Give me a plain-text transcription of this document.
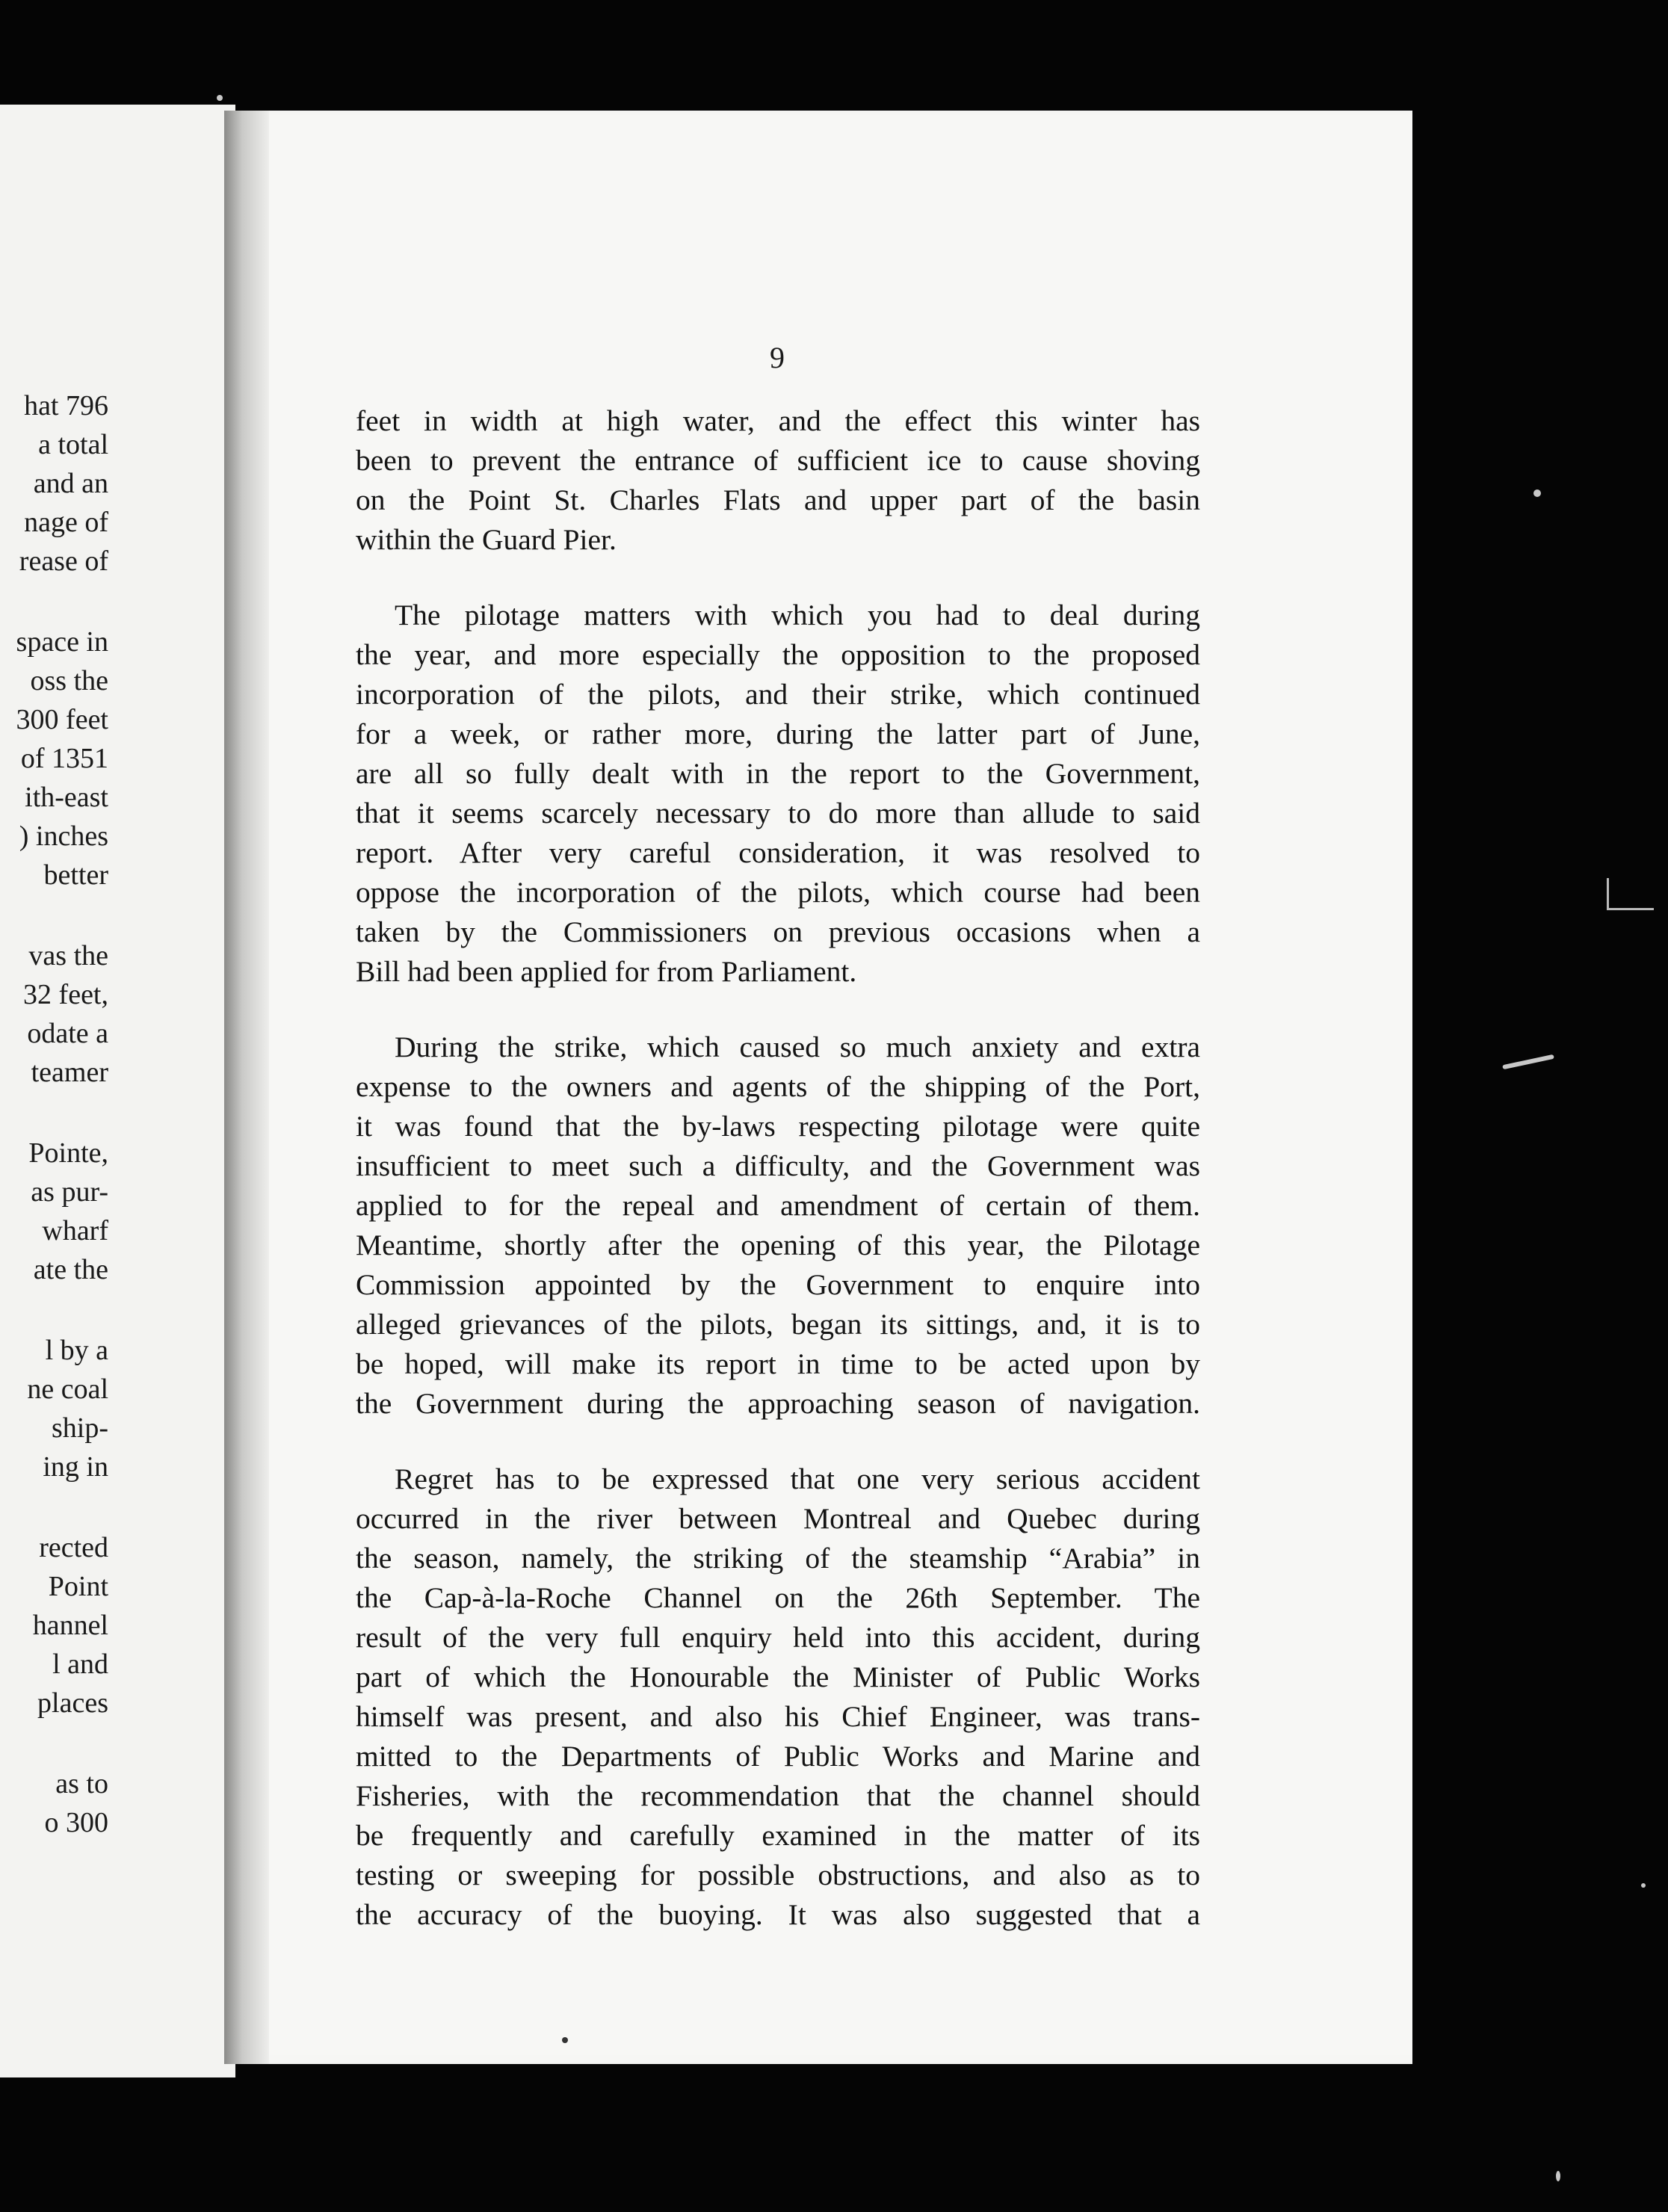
hat 796
a total
and an
nage of
rease of
space in
oss the
300 feet
of 1351
ith-east
) inches
better
vas the
32 feet,
odate a
teamer
Pointe,
as pur-
wharf
ate the
l by a
ne coal
ship-
ing in
rected
Point
hannel
l and
places
as to
o 300
9

feet in width at high water, and the effect this winter has
been to prevent the entrance of sufficient ice to cause shoving
on the Point St. Charles Flats and upper part of the basin
within the Guard Pier.

The pilotage matters with which you had to deal during
the year, and more especially the opposition to the proposed
incorporation of the pilots, and their strike, which continued
for a week, or rather more, during the latter part of June,
are all so fully dealt with in the report to the Government,
that it seems scarcely necessary to do more than allude to said
report. After very careful consideration, it was resolved to
oppose the incorporation of the pilots, which course had been
taken by the Commissioners on previous occasions when a
Bill had been applied for from Parliament.

During the strike, which caused so much anxiety and extra
expense to the owners and agents of the shipping of the Port,
it was found that the by-laws respecting pilotage were quite
insufficient to meet such a difficulty, and the Government was
applied to for the repeal and amendment of certain of them.
Meantime, shortly after the opening of this year, the Pilotage
Commission appointed by the Government to enquire into
alleged grievances of the pilots, began its sittings, and, it is to
be hoped, will make its report in time to be acted upon by
the Government during the approaching season of navigation.

Regret has to be expressed that one very serious accident
occurred in the river between Montreal and Quebec during
the season, namely, the striking of the steamship “Arabia” in
the Cap-à-la-Roche Channel on the 26th September. The
result of the very full enquiry held into this accident, during
part of which the Honourable the Minister of Public Works
himself was present, and also his Chief Engineer, was trans-
mitted to the Departments of Public Works and Marine and
Fisheries, with the recommendation that the channel should
be frequently and carefully examined in the matter of its
testing or sweeping for possible obstructions, and also as to
the accuracy of the buoying. It was also suggested that a
